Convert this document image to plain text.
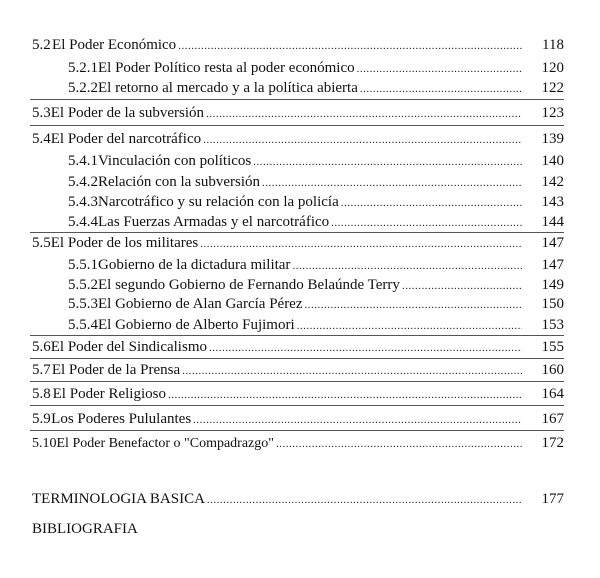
5.2 El Poder Económico .....	118
5.2.1 El Poder Político resta al poder económico .....	120
5.2.2 El retorno al mercado y a la política abierta .....	122
5.3 El Poder de la subversión .....	123
5.4 El Poder del narcotráfico .....	139
5.4.1 Vinculación con políticos .....	140
5.4.2 Relación con la subversión .....	142
5.4.3 Narcotráfico y su relación con la policía .....	143
5.4.4 Las Fuerzas Armadas y el narcotráfico .....	144
5.5 El Poder de los militares .....	147
5.5.1 Gobierno de la dictadura militar .....	147
5.5.2 El segundo Gobierno de Fernando Belaúnde Terry .....	149
5.5.3 El Gobierno de Alan García Pérez .....	150
5.5.4 El Gobierno de Alberto Fujimori .....	153
5.6 El Poder del Sindicalismo .....	155
5.7 El Poder de la Prensa .....	160
5.8 El Poder Religioso .....	164
5.9 Los Poderes Pululantes .....	167
5.10 El Poder Benefactor o "Compadrazgo" .....	172
TERMINOLOGIA BASICA .....	177
BIBLIOGRAFIA
